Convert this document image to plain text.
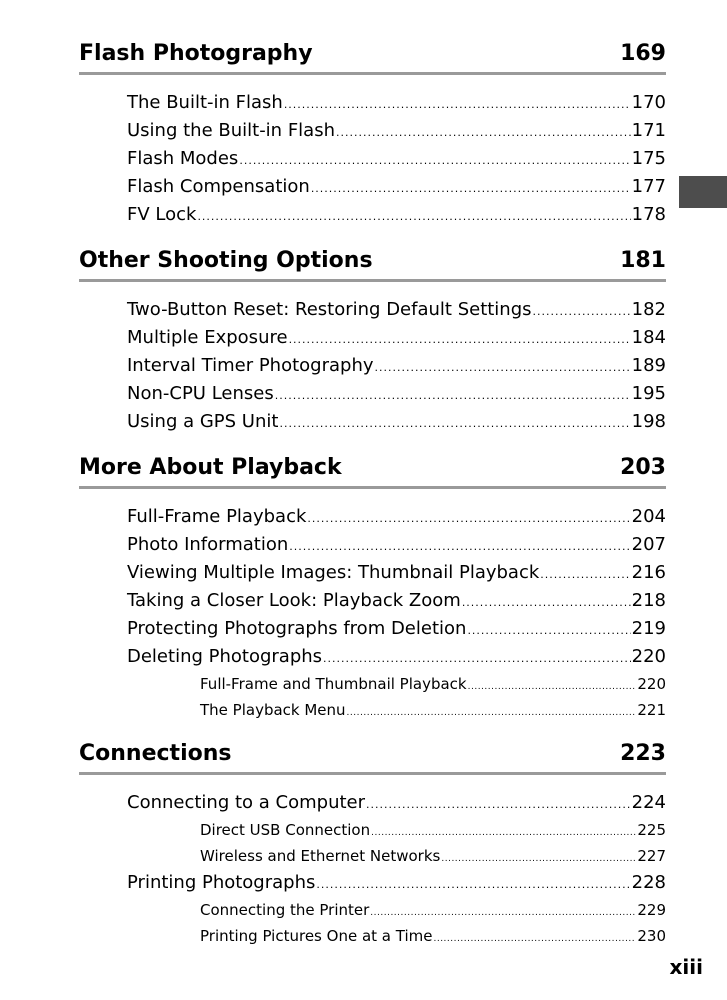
Flash Photography	169
The Built-in Flash .....	170
Using the Built-in Flash .....	171
Flash Modes .....	175
Flash Compensation .....	177
FV Lock .....	178
Other Shooting Options	181
Two-Button Reset: Restoring Default Settings .....	182
Multiple Exposure .....	184
Interval Timer Photography .....	189
Non-CPU Lenses .....	195
Using a GPS Unit .....	198
More About Playback	203
Full-Frame Playback .....	204
Photo Information .....	207
Viewing Multiple Images: Thumbnail Playback .....	216
Taking a Closer Look: Playback Zoom .....	218
Protecting Photographs from Deletion .....	219
Deleting Photographs .....	220
Full-Frame and Thumbnail Playback .....	220
The Playback Menu .....	221
Connections	223
Connecting to a Computer .....	224
Direct USB Connection .....	225
Wireless and Ethernet Networks .....	227
Printing Photographs .....	228
Connecting the Printer .....	229
Printing Pictures One at a Time .....	230
xiii
